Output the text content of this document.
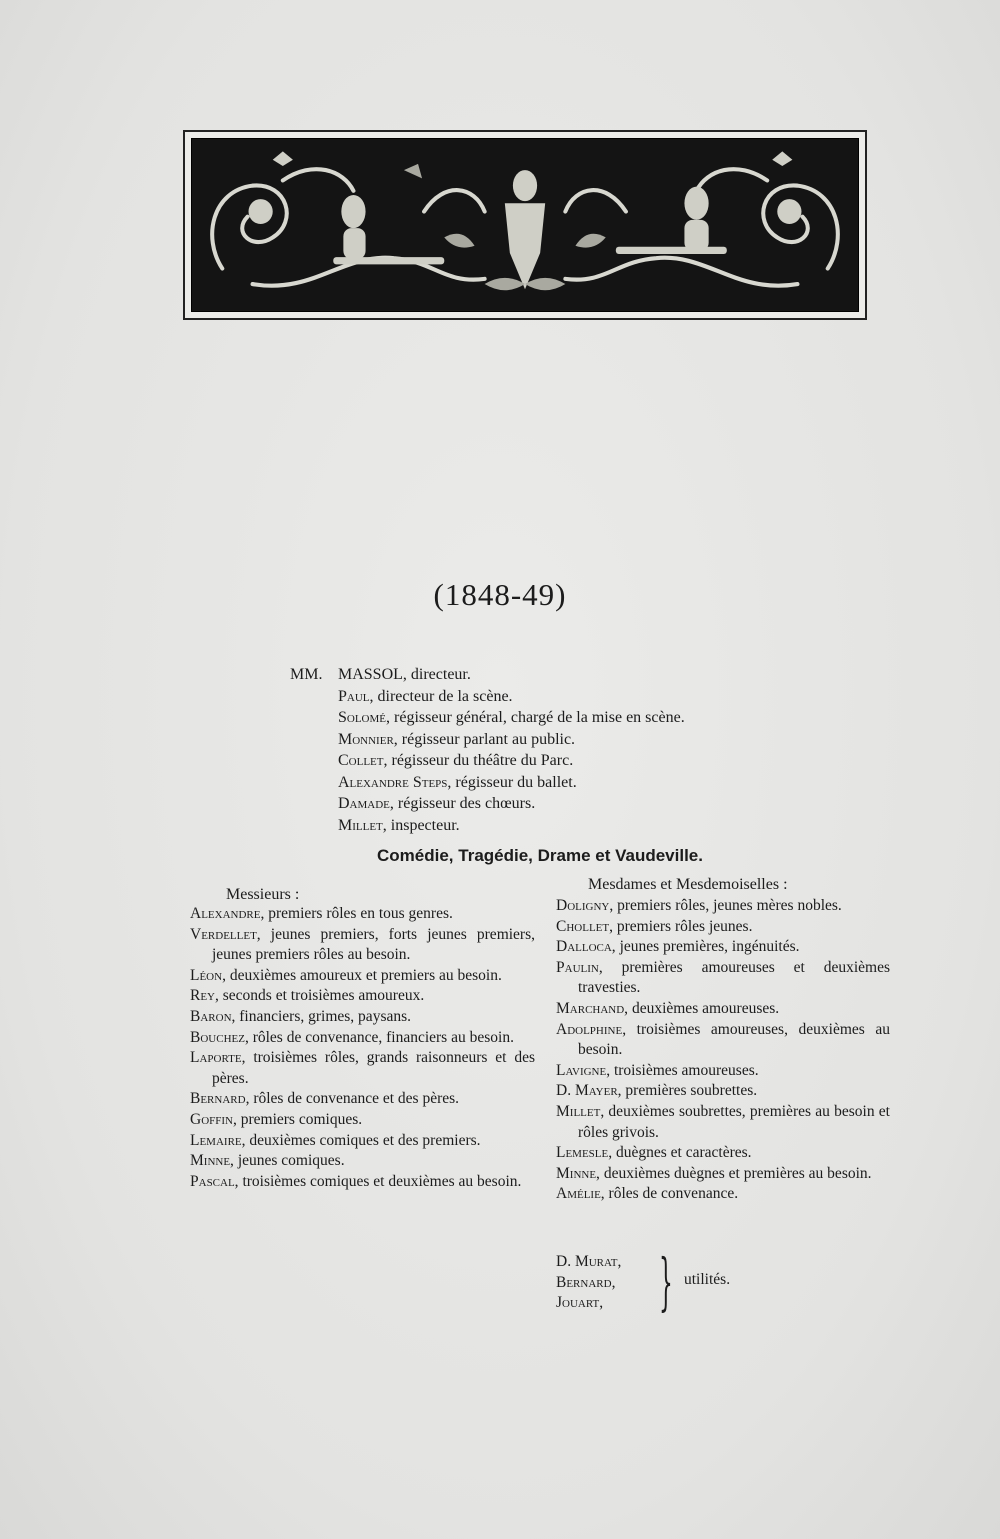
(1848-49)
MM. MASSOL, directeur.
Paul, directeur de la scène.
Solomé, régisseur général, chargé de la mise en scène.
Monnier, régisseur parlant au public.
Collet, régisseur du théâtre du Parc.
Alexandre Steps, régisseur du ballet.
Damade, régisseur des chœurs.
Millet, inspecteur.
Comédie, Tragédie, Drame et Vaudeville.
Messieurs :
Mesdames et Mesdemoiselles :
Alexandre, premiers rôles en tous genres.
Verdellet, jeunes premiers, forts jeunes premiers, jeunes premiers rôles au besoin.
Léon, deuxièmes amoureux et premiers au besoin.
Rey, seconds et troisièmes amoureux.
Baron, financiers, grimes, paysans.
Bouchez, rôles de convenance, financiers au besoin.
Laporte, troisièmes rôles, grands raisonneurs et des pères.
Bernard, rôles de convenance et des pères.
Goffin, premiers comiques.
Lemaire, deuxièmes comiques et des premiers.
Minne, jeunes comiques.
Pascal, troisièmes comiques et deuxièmes au besoin.
Doligny, premiers rôles, jeunes mères nobles.
Chollet, premiers rôles jeunes.
Dalloca, jeunes premières, ingénuités.
Paulin, premières amoureuses et deuxièmes travesties.
Marchand, deuxièmes amoureuses.
Adolphine, troisièmes amoureuses, deuxièmes au besoin.
Lavigne, troisièmes amoureuses.
D. Mayer, premières soubrettes.
Millet, deuxièmes soubrettes, premières au besoin et rôles grivois.
Lemesle, duègnes et caractères.
Minne, deuxièmes duègnes et premières au besoin.
Amélie, rôles de convenance.
D. Murat,
Bernard,
Jouart, } utilités.
